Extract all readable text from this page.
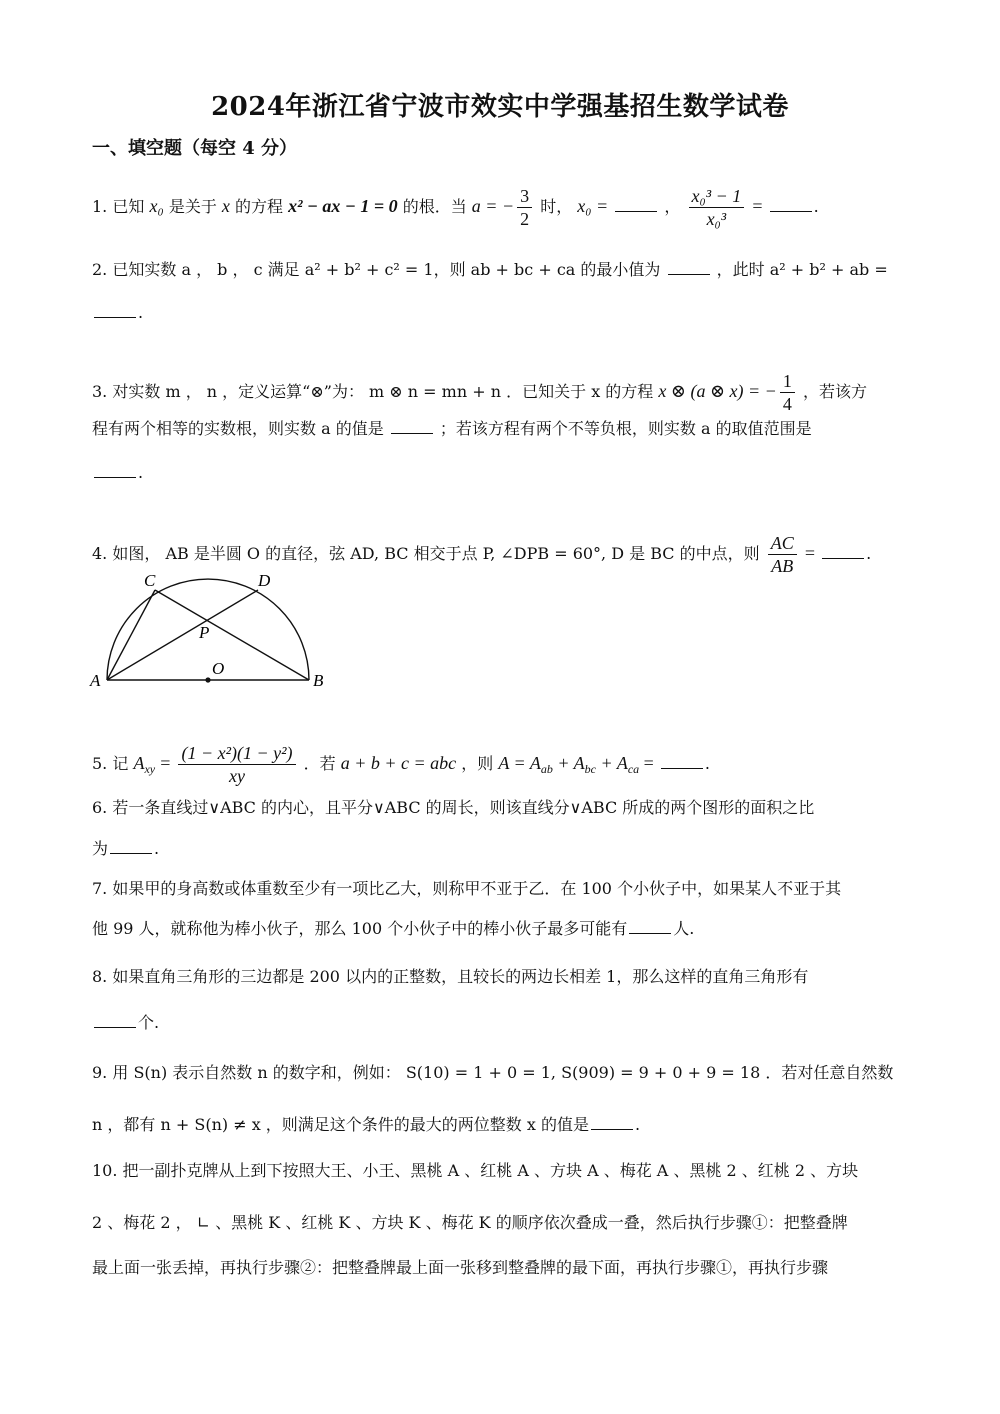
2024年浙江省宁波市效实中学强基招生数学试卷
一、填空题（每空 4 分）
1. 已知 x₀ 是关于 x 的方程 x² − ax − 1 = 0 的根．当 a = − $\frac{3}{2}$ 时， x₀ =	， $\frac{\text{x₀³ − 1}}{\text{x₀³}}$ =	.
2. 已知实数 a ， b ， c 满足 a² + b² + c² = 1，则 ab + bc + ca 的最小值为	，此时 a² + b² + ab =
.
3. 对实数 m ， n ，定义运算“⊗”为： m ⊗ n = mn + n ．已知关于 x 的方程 x ⊗ (a ⊗ x) = − $\frac{1}{4}$ ，若该方
程有两个相等的实数根，则实数 a 的值是	；若该方程有两个不等负根，则实数 a 的取值范围是
.
4. 如图， AB 是半圆 O 的直径，弦 AD, BC 相交于点 P, ∠DPB = 60°, D 是 BC 的中点，则 $\frac{AC}{AB}$ =	.
C	D
P
O
A	B
5. 记 $A_{xy} = \frac{\text{(1 − x²)(1 − y²)}}{xy}$ ．若 a + b + c = abc ，则 $A = A_{ab} + A_{bc} + A_{ca}$ =	.
6. 若一条直线过∨ABC 的内心，且平分∨ABC 的周长，则该直线分∨ABC 所成的两个图形的面积之比
为	.
7. 如果甲的身高数或体重数至少有一项比乙大，则称甲不亚于乙．在 100 个小伙子中，如果某人不亚于其
他 99 人，就称他为棒小伙子，那么 100 个小伙子中的棒小伙子最多可能有	人.
8. 如果直角三角形的三边都是 200 以内的正整数，且较长的两边长相差 1，那么这样的直角三角形有
个.
9. 用 S(n) 表示自然数 n 的数字和，例如： S(10) = 1 + 0 = 1, S(909) = 9 + 0 + 9 = 18 ．若对任意自然数
n ，都有 n + S(n) ≠ x ，则满足这个条件的最大的两位整数 x 的值是	.
10. 把一副扑克牌从上到下按照大王、小王、黑桃 A 、红桃 A 、方块 A 、梅花 A 、黑桃 2 、红桃 2 、方块
2 、梅花 2 ， ∟ 、黑桃 K 、红桃 K 、方块 K 、梅花 K 的顺序依次叠成一叠，然后执行步骤①：把整叠牌
最上面一张丢掉，再执行步骤②：把整叠牌最上面一张移到整叠牌的最下面，再执行步骤①，再执行步骤
